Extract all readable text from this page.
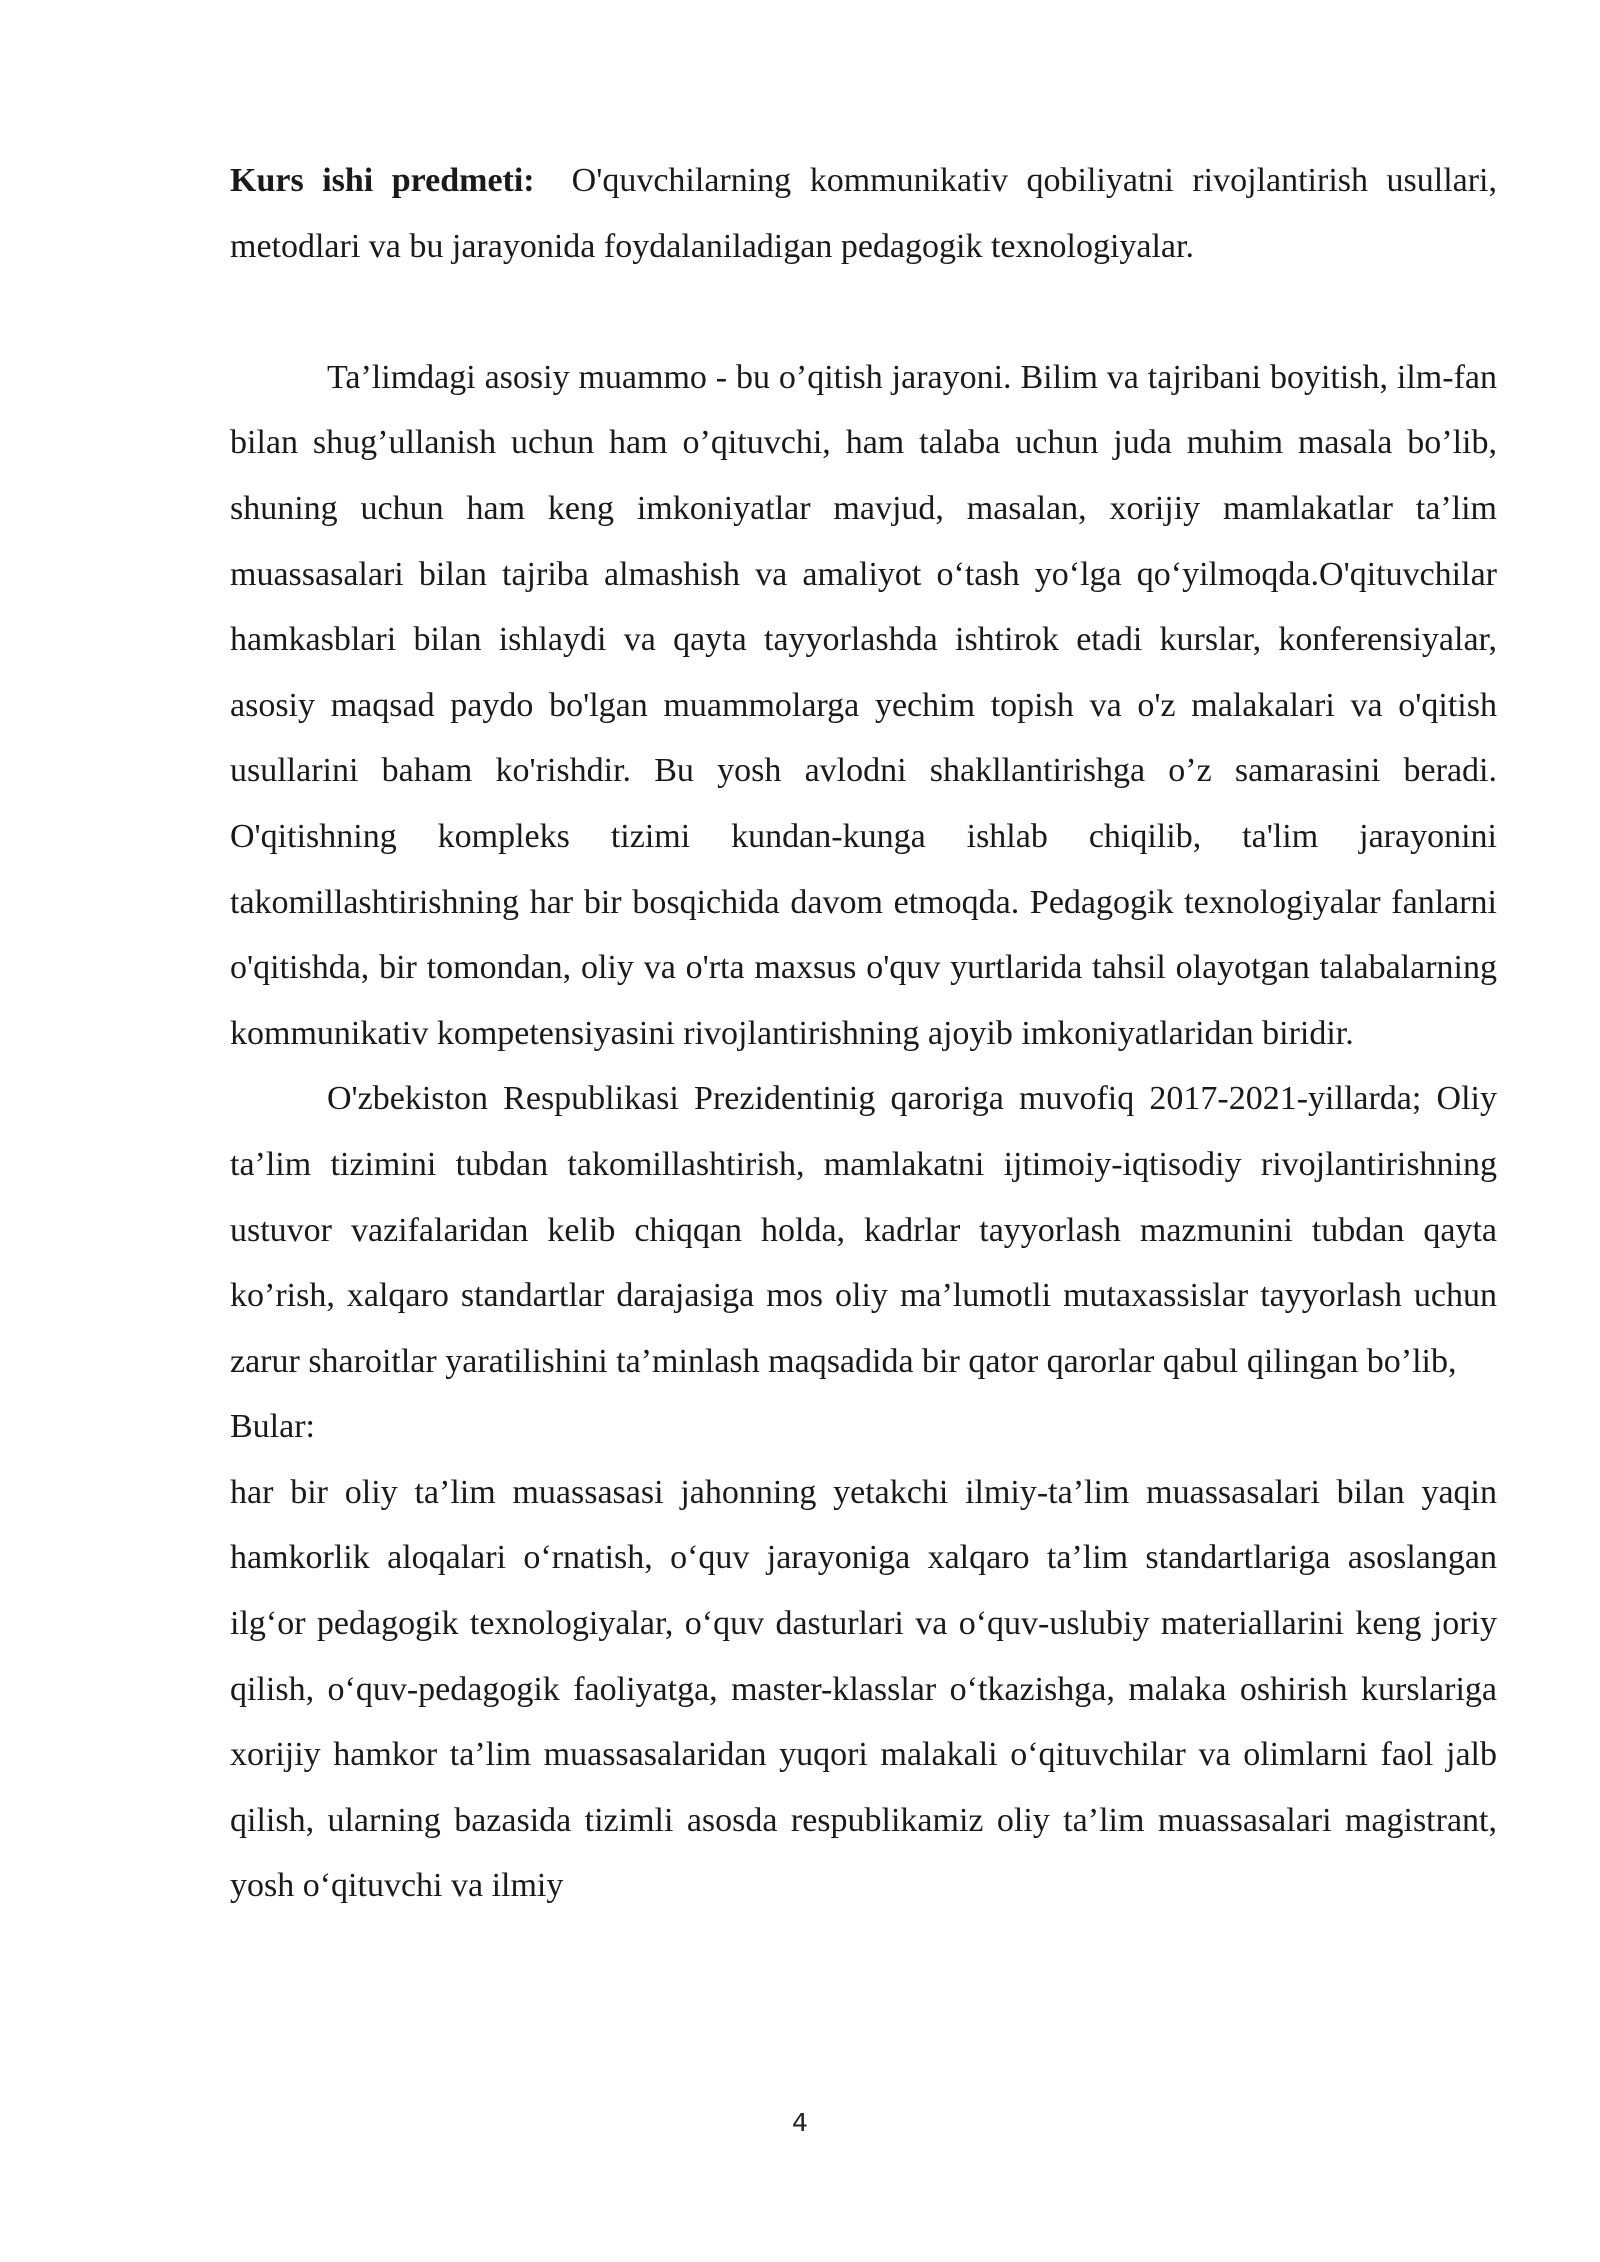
Kurs ishi predmeti: O'quvchilarning kommunikativ qobiliyatni rivojlantirish usullari, metodlari va bu jarayonida foydalaniladigan pedagogik texnologiyalar.

Ta’limdagi asosiy muammo - bu o’qitish jarayoni. Bilim va tajribani boyitish, ilm-fan bilan shug’ullanish uchun ham o’qituvchi, ham talaba uchun juda muhim masala bo’lib, shuning uchun ham keng imkoniyatlar mavjud, masalan, xorijiy mamlakatlar ta’lim muassasalari bilan tajriba almashish va amaliyot o‘tash yo‘lga qo‘yilmoqda.O'qituvchilar hamkasblari bilan ishlaydi va qayta tayyorlashda ishtirok etadi kurslar, konferensiyalar, asosiy maqsad paydo bo'lgan muammolarga yechim topish va o'z malakalari va o'qitish usullarini baham ko'rishdir. Bu yosh avlodni shakllantirishga o’z samarasini beradi. O'qitishning kompleks tizimi kundan-kunga ishlab chiqilib, ta'lim jarayonini takomillashtirishning har bir bosqichida davom etmoqda. Pedagogik texnologiyalar fanlarni o'qitishda, bir tomondan, oliy va o'rta maxsus o'quv yurtlarida tahsil olayotgan talabalarning kommunikativ kompetensiyasini rivojlantirishning ajoyib imkoniyatlaridan biridir.

O'zbekiston Respublikasi Prezidentinig qaroriga muvofiq 2017-2021-yillarda; Oliy ta’lim tizimini tubdan takomillashtirish, mamlakatni ijtimoiy-iqtisodiy rivojlantirishning ustuvor vazifalaridan kelib chiqqan holda, kadrlar tayyorlash mazmunini tubdan qayta ko’rish, xalqaro standartlar darajasiga mos oliy ma’lumotli mutaxassislar tayyorlash uchun zarur sharoitlar yaratilishini ta’minlash maqsadida bir qator qarorlar qabul qilingan bo’lib,

Bular:

har bir oliy ta’lim muassasasi jahonning yetakchi ilmiy-ta’lim muassasalari bilan yaqin hamkorlik aloqalari o‘rnatish, o‘quv jarayoniga xalqaro ta’lim standartlariga asoslangan ilg‘or pedagogik texnologiyalar, o‘quv dasturlari va o‘quv-uslubiy materiallarini keng joriy qilish, o‘quv-pedagogik faoliyatga, master-klasslar o‘tkazishga, malaka oshirish kurslariga xorijiy hamkor ta’lim muassasalaridan yuqori malakali o‘qituvchilar va olimlarni faol jalb qilish, ularning bazasida tizimli asosda respublikamiz oliy ta’lim muassasalari magistrant, yosh o‘qituvchi va ilmiy

4
